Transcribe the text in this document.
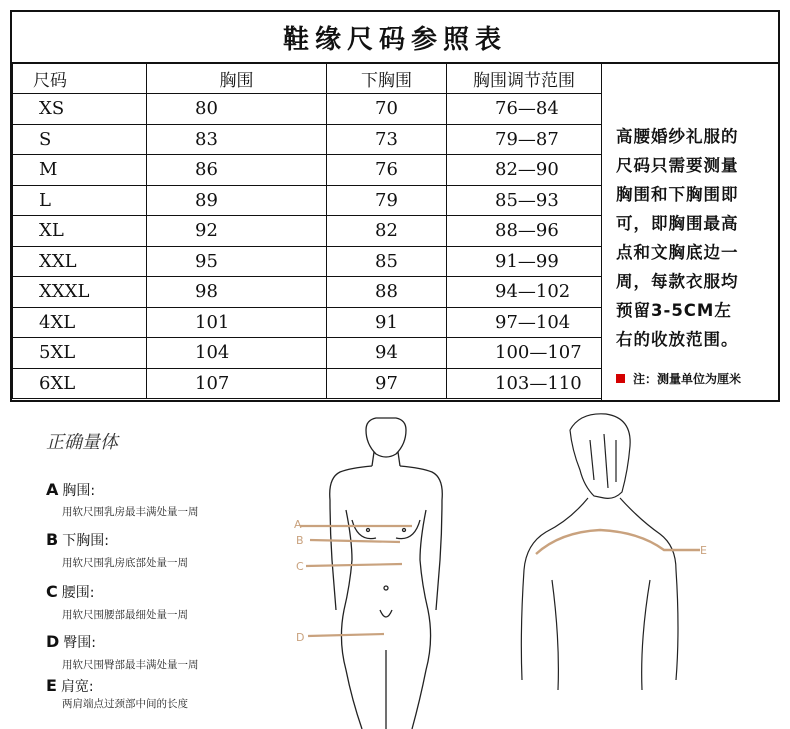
鞋缘尺码参照表
尺码	胸围	下胸围	胸围调节范围
XS	80	70	76—84
S	83	73	79—87
M	86	76	82—90
L	89	79	85—93
XL	92	82	88—96
XXL	95	85	91—99
XXXL	98	88	94—102
4XL	101	91	97—104
5XL	104	94	100—107
6XL	107	97	103—110
高腰婚纱礼服的
尺码只需要测量
胸围和下胸围即
可，即胸围最高
点和文胸底边一
周，每款衣服均
预留3-5CM左
右的收放范围。
注：测量单位为厘米
A
B
C
D
E
正确量体
A 胸围:
用软尺围乳房最丰满处量一周
B 下胸围:
用软尺围乳房底部处量一周
C 腰围:
用软尺围腰部最细处量一周
D 臀围:
用软尺围臀部最丰满处量一周
E 肩宽:
两肩端点过颈部中间的长度
